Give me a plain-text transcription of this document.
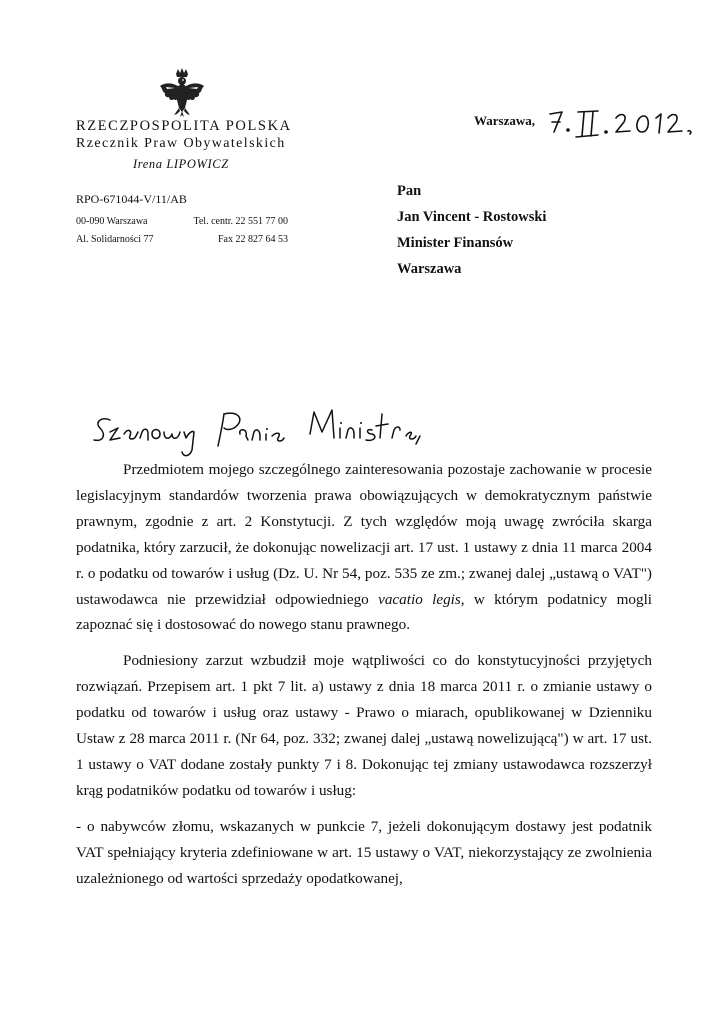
RZECZPOSPOLITA POLSKA
Rzecznik Praw Obywatelskich
Irena LIPOWICZ
RPO-671044-V/11/AB
00-090 Warszawa
Al. Solidarności 77
Tel. centr. 22 551 77 00
Fax 22 827 64 53
Warszawa,
Pan
Jan Vincent - Rostowski
Minister Finansów
Warszawa

Przedmiotem mojego szczególnego zainteresowania pozostaje zachowanie w procesie legislacyjnym standardów tworzenia prawa obowiązujących w demokratycznym państwie prawnym, zgodnie z art. 2 Konstytucji. Z tych względów moją uwagę zwróciła skarga podatnika, który zarzucił, że dokonując nowelizacji art. 17 ust. 1 ustawy z dnia 11 marca 2004 r. o podatku od towarów i usług (Dz. U. Nr 54, poz. 535 ze zm.; zwanej dalej „ustawą o VAT") ustawodawca nie przewidział odpowiedniego vacatio legis, w którym podatnicy mogli zapoznać się i dostosować do nowego stanu prawnego.

Podniesiony zarzut wzbudził moje wątpliwości co do konstytucyjności przyjętych rozwiązań. Przepisem art. 1 pkt 7 lit. a) ustawy z dnia 18 marca 2011 r. o zmianie ustawy o podatku od towarów i usług oraz ustawy - Prawo o miarach, opublikowanej w Dzienniku Ustaw z 28 marca 2011 r. (Nr 64, poz. 332; zwanej dalej „ustawą nowelizującą") w art. 17 ust. 1 ustawy o VAT dodane zostały punkty 7 i 8. Dokonując tej zmiany ustawodawca rozszerzył krąg podatników podatku od towarów i usług:

- o nabywców złomu, wskazanych w punkcie 7, jeżeli dokonującym dostawy jest podatnik VAT spełniający kryteria zdefiniowane w art. 15 ustawy o VAT, niekorzystający ze zwolnienia uzależnionego od wartości sprzedaży opodatkowanej,
